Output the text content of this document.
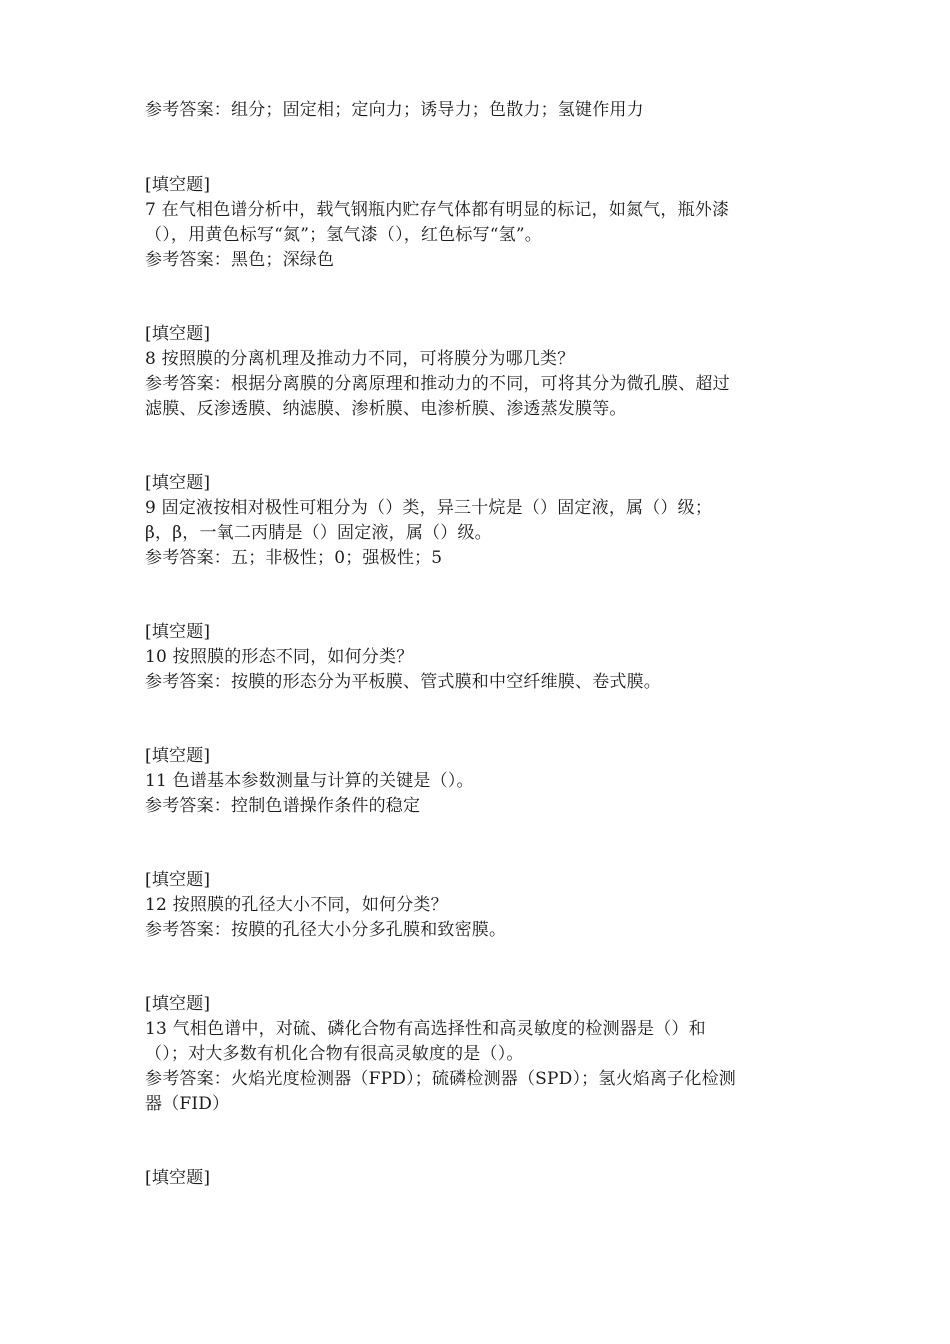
参考答案：组分；固定相；定向力；诱导力；色散力；氢键作用力
[填空题]
7 在气相色谱分析中，载气钢瓶内贮存气体都有明显的标记，如氮气，瓶外漆
（），用黄色标写“氮”；氢气漆（），红色标写“氢”。
参考答案：黑色；深绿色
[填空题]
8 按照膜的分离机理及推动力不同，可将膜分为哪几类？
参考答案：根据分离膜的分离原理和推动力的不同，可将其分为微孔膜、超过
滤膜、反渗透膜、纳滤膜、渗析膜、电渗析膜、渗透蒸发膜等。
[填空题]
9 固定液按相对极性可粗分为（）类，异三十烷是（）固定液，属（）级；
β，β，一氧二丙腈是（）固定液，属（）级。
参考答案：五；非极性；0；强极性；5
[填空题]
10 按照膜的形态不同，如何分类？
参考答案：按膜的形态分为平板膜、管式膜和中空纤维膜、卷式膜。
[填空题]
11 色谱基本参数测量与计算的关键是（）。
参考答案：控制色谱操作条件的稳定
[填空题]
12 按照膜的孔径大小不同，如何分类？
参考答案：按膜的孔径大小分多孔膜和致密膜。
[填空题]
13 气相色谱中，对硫、磷化合物有高选择性和高灵敏度的检测器是（）和
（）；对大多数有机化合物有很高灵敏度的是（）。
参考答案：火焰光度检测器（FPD）；硫磷检测器（SPD）；氢火焰离子化检测
器（FID）
[填空题]
